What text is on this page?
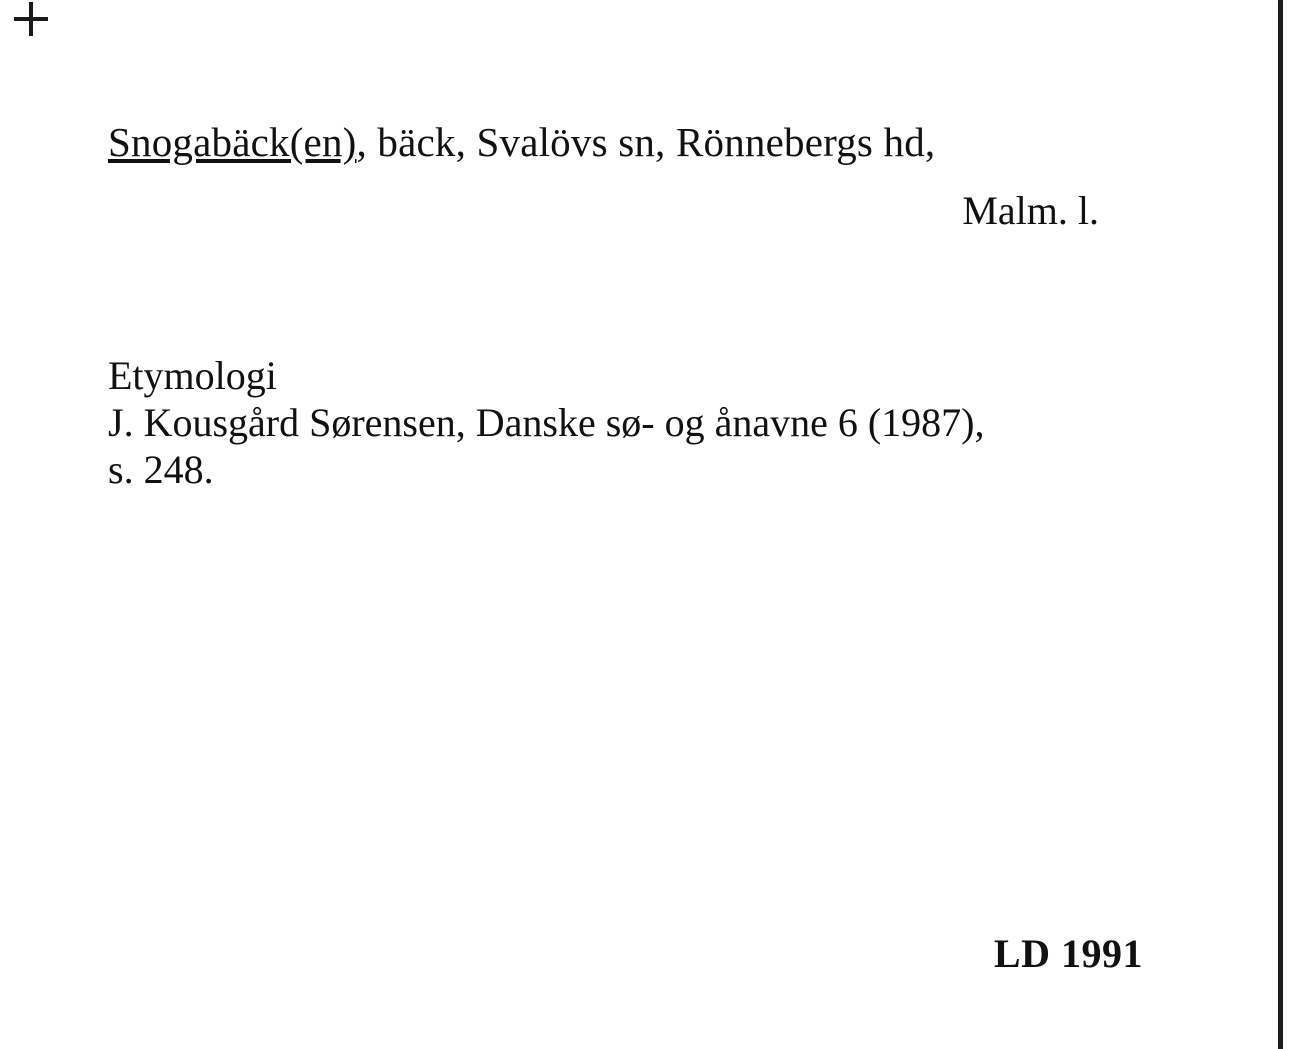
Snogabäck(en), bäck, Svalövs sn, Rönnebergs hd,
Malm. l.
Etymologi
J. Kousgård Sørensen, Danske sø- og ånavne 6 (1987),
s. 248.
LD 1991
